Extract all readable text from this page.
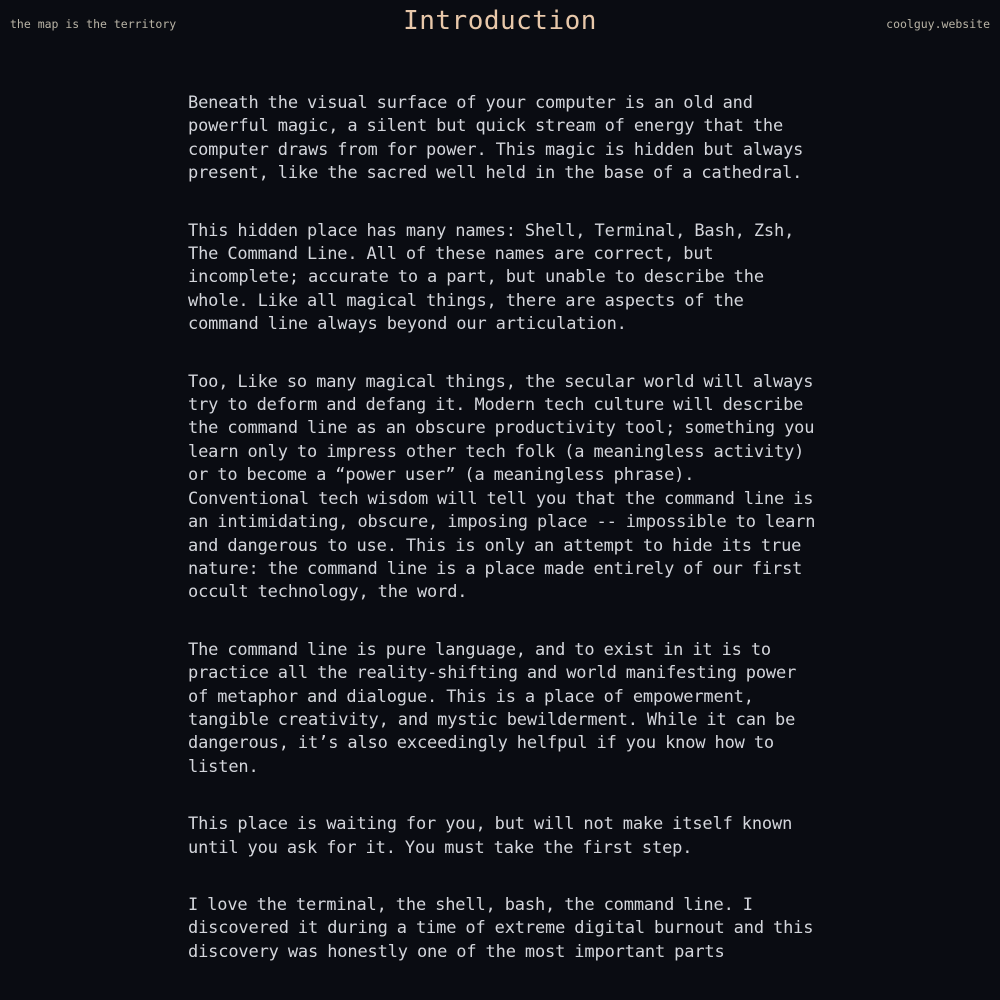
the map is the territory	Introduction	coolguy.website

Beneath the visual surface of your computer is an old and powerful magic, a silent but quick stream of energy that the computer draws from for power. This magic is hidden but always present, like the sacred well held in the base of a cathedral.

This hidden place has many names: Shell, Terminal, Bash, Zsh, The Command Line. All of these names are correct, but incomplete; accurate to a part, but unable to describe the whole. Like all magical things, there are aspects of the command line always beyond our articulation.

Too, Like so many magical things, the secular world will always try to deform and defang it. Modern tech culture will describe the command line as an obscure productivity tool; something you learn only to impress other tech folk (a meaningless activity) or to become a “power user” (a meaningless phrase). Conventional tech wisdom will tell you that the command line is an intimidating, obscure, imposing place -- impossible to learn and dangerous to use. This is only an attempt to hide its true nature: the command line is a place made entirely of our first occult technology, the word.

The command line is pure language, and to exist in it is to practice all the reality-shifting and world manifesting power of metaphor and dialogue. This is a place of empowerment, tangible creativity, and mystic bewilderment. While it can be dangerous, it’s also exceedingly helfpul if you know how to listen.

This place is waiting for you, but will not make itself known until you ask for it. You must take the first step.

I love the terminal, the shell, bash, the command line. I discovered it during a time of extreme digital burnout and this discovery was honestly one of the most important parts
